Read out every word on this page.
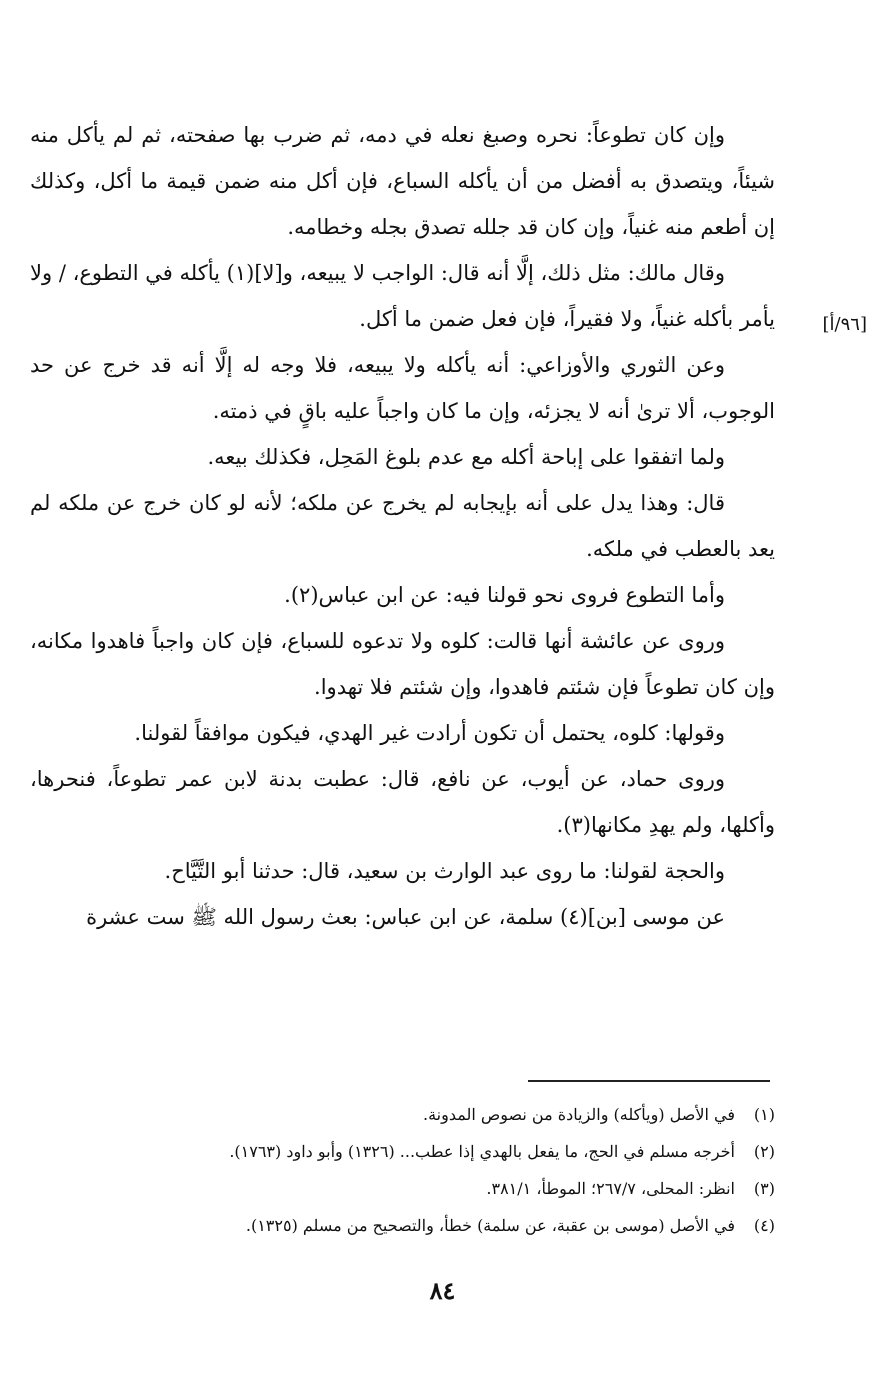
[٩٦/أ]

وإن كان تطوعاً: نحره وصبغ نعله في دمه، ثم ضرب بها صفحته، ثم لم يأكل منه شيئاً، ويتصدق به أفضل من أن يأكله السباع، فإن أكل منه ضمن قيمة ما أكل، وكذلك إن أطعم منه غنياً، وإن كان قد جلله تصدق بجله وخطامه.

وقال مالك: مثل ذلك، إلَّا أنه قال: الواجب لا يبيعه، و[لا](١) يأكله في التطوع، / ولا يأمر بأكله غنياً، ولا فقيراً، فإن فعل ضمن ما أكل.

وعن الثوري والأوزاعي: أنه يأكله ولا يبيعه، فلا وجه له إلَّا أنه قد خرج عن حد الوجوب، ألا ترىٰ أنه لا يجزئه، وإن ما كان واجباً عليه باقٍ في ذمته.

ولما اتفقوا على إباحة أكله مع عدم بلوغ المَحِل، فكذلك بيعه.

قال: وهذا يدل على أنه بإيجابه لم يخرج عن ملكه؛ لأنه لو كان خرج عن ملكه لم يعد بالعطب في ملكه.

وأما التطوع فروى نحو قولنا فيه: عن ابن عباس(٢).

وروى عن عائشة أنها قالت: كلوه ولا تدعوه للسباع، فإن كان واجباً فاهدوا مكانه، وإن كان تطوعاً فإن شئتم فاهدوا، وإن شئتم فلا تهدوا.

وقولها: كلوه، يحتمل أن تكون أرادت غير الهدي، فيكون موافقاً لقولنا.

وروى حماد، عن أيوب، عن نافع، قال: عطبت بدنة لابن عمر تطوعاً، فنحرها، وأكلها، ولم يهدِ مكانها(٣).

والحجة لقولنا: ما روى عبد الوارث بن سعيد، قال: حدثنا أبو التَّيَّاح.

عن موسى [بن](٤) سلمة، عن ابن عباس: بعث رسول الله ﷺ ست عشرة

(١)في الأصل (ويأكله) والزيادة من نصوص المدونة.
(٢)أخرجه مسلم في الحج، ما يفعل بالهدي إذا عطب... (١٣٢٦) وأبو داود (١٧٦٣).
(٣)انظر: المحلى، ٢٦٧/٧؛ الموطأ، ٣٨١/١.
(٤)في الأصل (موسى بن عقبة، عن سلمة) خطأ، والتصحيح من مسلم (١٣٢٥).
٨٤
